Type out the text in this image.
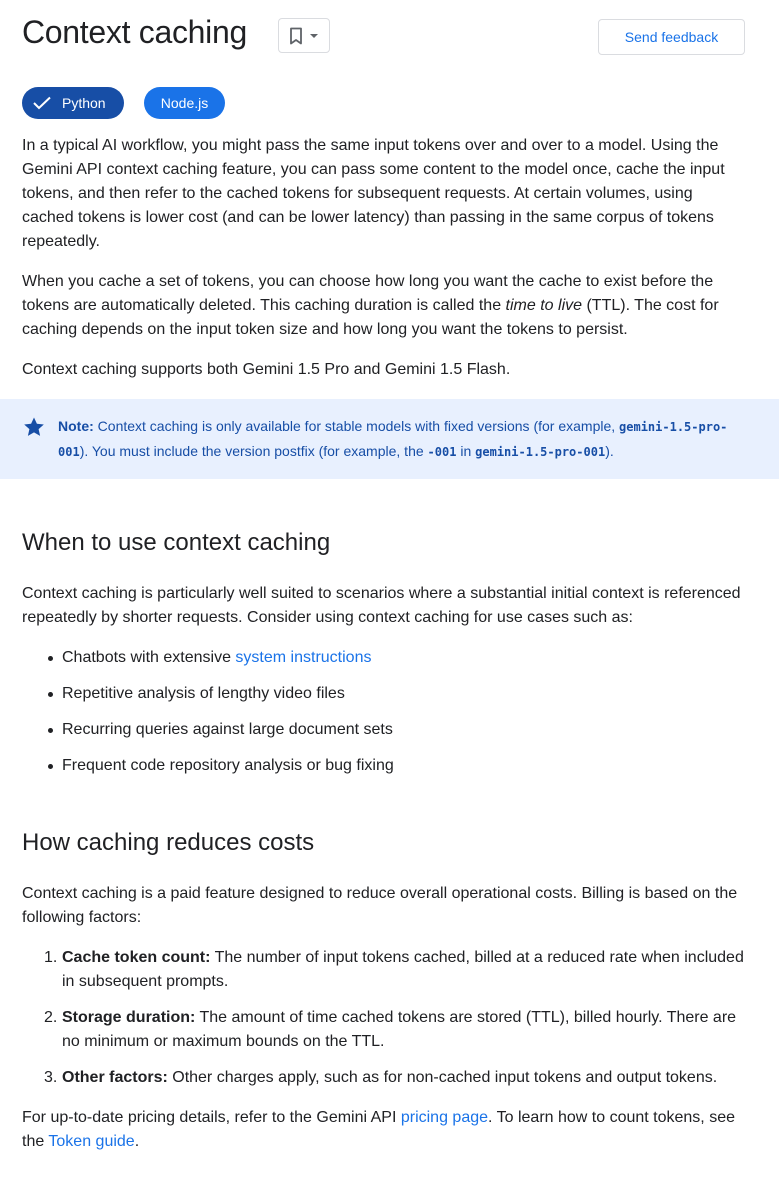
Context caching	Send feedback
Python	Node.js

In a typical AI workflow, you might pass the same input tokens over and over to a model. Using the Gemini API context caching feature, you can pass some content to the model once, cache the input tokens, and then refer to the cached tokens for subsequent requests. At certain volumes, using cached tokens is lower cost (and can be lower latency) than passing in the same corpus of tokens repeatedly.

When you cache a set of tokens, you can choose how long you want the cache to exist before the tokens are automatically deleted. This caching duration is called the time to live (TTL). The cost for caching depends on the input token size and how long you want the tokens to persist.

Context caching supports both Gemini 1.5 Pro and Gemini 1.5 Flash.

Note: Context caching is only available for stable models with fixed versions (for example, gemini-1.5-pro-001). You must include the version postfix (for example, the -001 in gemini-1.5-pro-001).
When to use context caching

Context caching is particularly well suited to scenarios where a substantial initial context is referenced repeatedly by shorter requests. Consider using context caching for use cases such as:

Chatbots with extensive system instructions
Repetitive analysis of lengthy video files
Recurring queries against large document sets
Frequent code repository analysis or bug fixing
How caching reduces costs

Context caching is a paid feature designed to reduce overall operational costs. Billing is based on the following factors:

1. Cache token count: The number of input tokens cached, billed at a reduced rate when included in subsequent prompts.
2. Storage duration: The amount of time cached tokens are stored (TTL), billed hourly. There are no minimum or maximum bounds on the TTL.
3. Other factors: Other charges apply, such as for non-cached input tokens and output tokens.

For up-to-date pricing details, refer to the Gemini API pricing page. To learn how to count tokens, see the Token guide.
